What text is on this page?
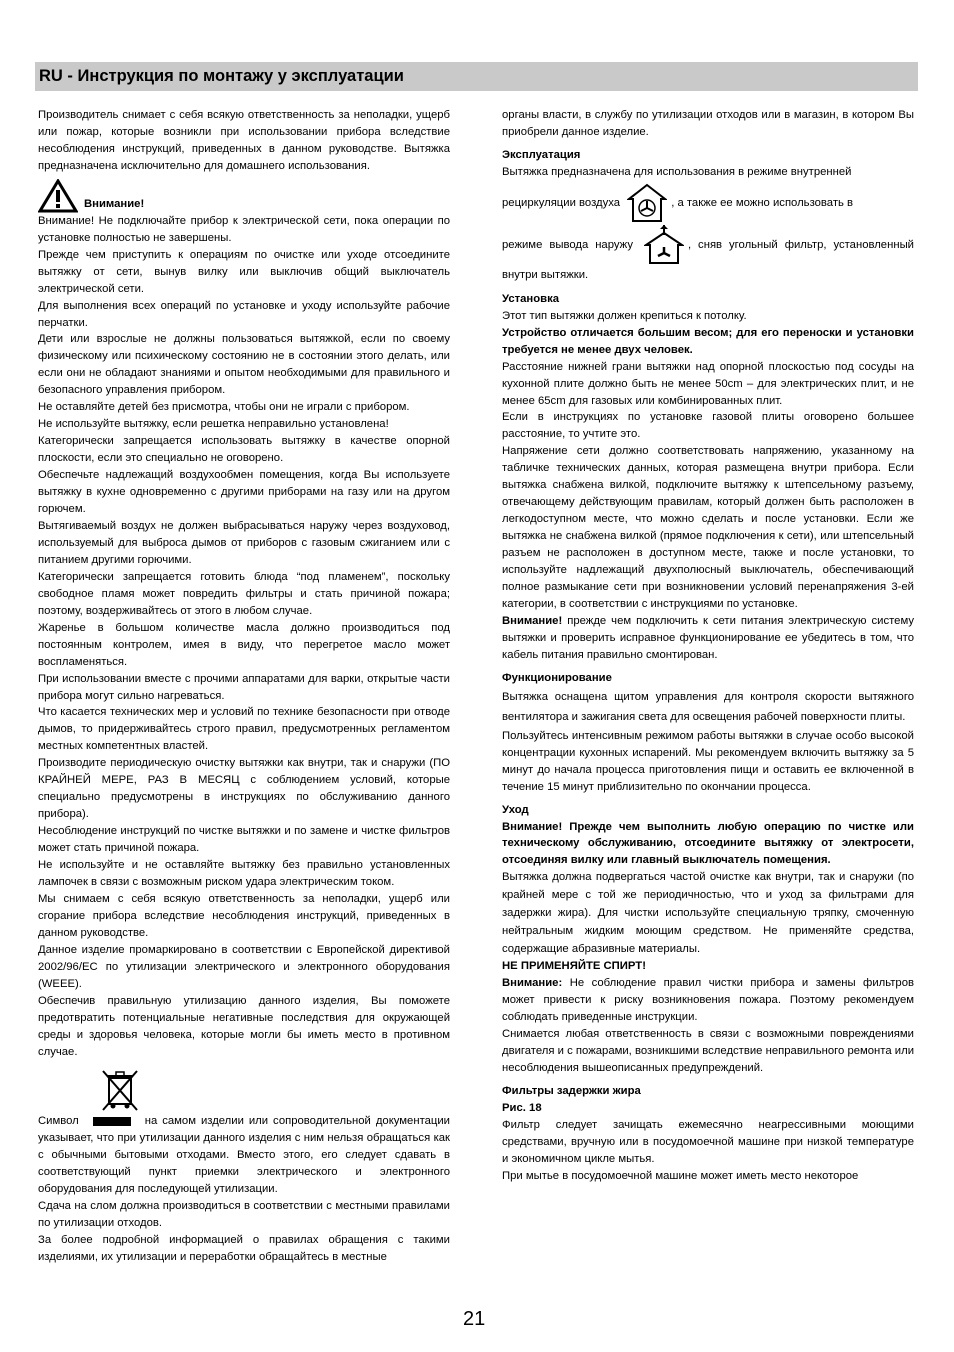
RU - Инструкция по монтажу у эксплуатации

Производитель снимает с себя всякую ответственность за неполадки, ущерб или пожар, которые возникли при использовании прибора вследствие несоблюдения инструкций, приведенных в данном руководстве. Вытяжка предназначена исключительно для домашнего использования.

Внимание!

Внимание! Не подключайте прибор к электрической сети, пока операции по установке полностью не завершены.

Прежде чем приступить к операциям по очистке или уходе отсоедините вытяжку от сети, вынув вилку или выключив общий выключатель электрической сети.

Для выполнения всех операций по установке и уходу используйте рабочие перчатки.

Дети или взрослые не должны пользоваться вытяжкой, если по своему физическому или психическому состоянию не в состоянии этого делать, или если они не обладают знаниями и опытом необходимыми для правильного и безопасного управления прибором.

Не оставляйте детей без присмотра, чтобы они не играли с прибором.

Не используйте вытяжку, если решетка неправильно установлена!

Категорически запрещается использовать вытяжку в качестве опорной плоскости, если это специально не оговорено.

Обеспечьте надлежащий воздухообмен помещения, когда Вы используете вытяжку в кухне одновременно с другими приборами на газу или на другом горючем.

Вытягиваемый воздух не должен выбрасываться наружу через воздуховод, используемый для выброса дымов от приборов с газовым сжиганием или с питанием другими горючими.

Категорически запрещается готовить блюда “под пламенем”, поскольку свободное пламя может повредить фильтры и стать причиной пожара; поэтому, воздерживайтесь от этого в любом случае.

Жаренье в большом количестве масла должно производиться под постоянным контролем, имея в виду, что перегретое масло может воспламеняться.

При использовании вместе с прочими аппаратами для варки, открытые части прибора могут сильно нагреваться.

Что касается технических мер и условий по технике безопасности при отводе дымов, то придерживайтесь строго правил, предусмотренных регламентом местных компетентных властей.

Производите периодическую очистку вытяжки как внутри, так и снаружи (ПО КРАЙНЕЙ МЕРЕ, РАЗ В МЕСЯЦ с соблюдением условий, которые специально предусмотрены в инструкциях по обслуживанию данного прибора).

Несоблюдение инструкций по чистке вытяжки и по замене и чистке фильтров может стать причиной пожара.

Не используйте и не оставляйте вытяжку без правильно установленных лампочек в связи с возможным риском удара электрическим током.

Мы снимаем с себя всякую ответственность за неполадки, ущерб или сгорание прибора вследствие несоблюдения инструкций, приведенных в данном руководстве.

Данное изделие промаркировано в соответствии с Европейской директивой 2002/96/EC по утилизации электрического и электронного оборудования (WEEE).

Обеспечив правильную утилизацию данного изделия, Вы поможете предотвратить потенциальные негативные последствия для окружающей среды и здоровья человека, которые могли бы иметь место в противном случае.

Символ	на самом изделии или сопроводительной документации указывает, что при утилизации данного изделия с ним нельзя обращаться как с обычными бытовыми отходами. Вместо этого, его следует сдавать в соответствующий пункт приемки электрического и электронного оборудования для последующей утилизации.

Сдача на слом должна производиться в соответствии с местными правилами по утилизации отходов.

За более подробной информацией о правилах обращения с такими изделиями, их утилизации и переработки обращайтесь в местные

органы власти, в службу по утилизации отходов или в магазин, в котором Вы приобрели данное изделие.

Эксплуатация

Вытяжка предназначена для использования в режиме внутренней

рециркуляции воздуха	, а также ее можно использовать в

режиме вывода наружу	, сняв угольный фильтр, установленный внутри вытяжки.

Установка

Этот тип вытяжки должен крепиться к потолку.

Устройство отличается большим весом; для его переноски и установки требуется не менее двух человек.

Расстояние нижней грани вытяжки над опорной плоскостью под сосуды на кухонной плите должно быть не менее 50cm – для электрических плит, и не менее 65cm для газовых или комбинированных плит.

Если в инструкциях по установке газовой плиты оговорено большее расстояние, то учтите это.

Напряжение сети должно соответствовать напряжению, указанному на табличке технических данных, которая размещена внутри прибора. Если вытяжка снабжена вилкой, подключите вытяжку к штепсельному разъему, отвечающему действующим правилам, который должен быть расположен в легкодоступном месте, что можно сделать и после установки. Если же вытяжка не снабжена вилкой (прямое подключения к сети), или штепсельный разъем не расположен в доступном месте, также и после установки, то используйте надлежащий двухполюсный выключатель, обеспечивающий полное размыкание сети при возникновении условий перенапряжения 3-ей категории, в соответствии с инструкциями по установке.

Внимание! прежде чем подключить к сети питания электрическую систему вытяжки и проверить исправное функционирование ее убедитесь в том, что кабель питания правильно смонтирован.

Функционирование

Вытяжка оснащена щитом управления для контроля скорости вытяжного вентилятора и зажигания света для освещения рабочей поверхности плиты.

Пользуйтесь интенсивным режимом работы вытяжки в случае особо высокой концентрации кухонных испарений. Мы рекомендуем включить вытяжку за 5 минут до начала процесса приготовления пищи и оставить ее включенной в течение 15 минут приблизительно по окончании процесса.

Уход

Внимание! Прежде чем выполнить любую операцию по чистке или техническому обслуживанию, отсоедините вытяжку от электросети, отсоединяя вилку или главный выключатель помещения.

Вытяжка должна подвергаться частой очистке как внутри, так и снаружи (по крайней мере с той же периодичностью, что и уход за фильтрами для задержки жира). Для чистки используйте специальную тряпку, смоченную нейтральным жидким моющим средством. Не применяйте средства, содержащие абразивные материалы.

НЕ ПРИМЕНЯЙТЕ СПИРТ!

Внимание: Не соблюдение правил чистки прибора и замены фильтров может привести к риску возникновения пожара. Поэтому рекомендуем соблюдать приведенные инструкции.

Снимается любая ответственность в связи с возможными повреждениями двигателя и с пожарами, возникшими вследствие неправильного ремонта или несоблюдения вышеописанных предупреждений.

Фильтры задержки жира

Рис. 18

Фильтр следует зачищать ежемесячно неагрессивными моющими средствами, вручную или в посудомоечной машине при низкой температуре и экономичном цикле мытья.

При мытье в посудомоечной машине может иметь место некоторое

21
